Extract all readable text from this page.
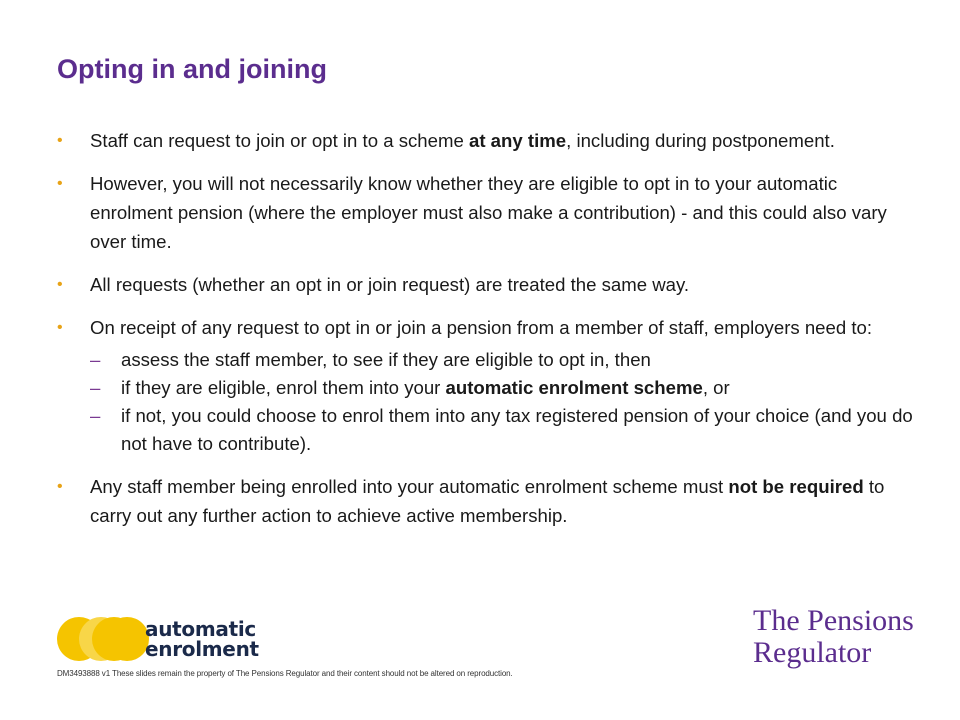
Opting in and joining
• Staff can request to join or opt in to a scheme at any time, including during postponement.
• However, you will not necessarily know whether they are eligible to opt in to your automatic enrolment pension (where the employer must also make a contribution) - and this could also vary over time.
• All requests (whether an opt in or join request) are treated the same way.
• On receipt of any request to opt in or join a pension from a member of staff, employers need to:
– assess the staff member, to see if they are eligible to opt in, then
– if they are eligible, enrol them into your automatic enrolment scheme, or
– if not, you could choose to enrol them into any tax registered pension of your choice (and you do not have to contribute).
• Any staff member being enrolled into your automatic enrolment scheme must not be required to carry out any further action to achieve active membership.
automatic
enrolment
The Pensions
Regulator
DM3493888 v1 These slides remain the property of The Pensions Regulator and their content should not be altered on reproduction.
